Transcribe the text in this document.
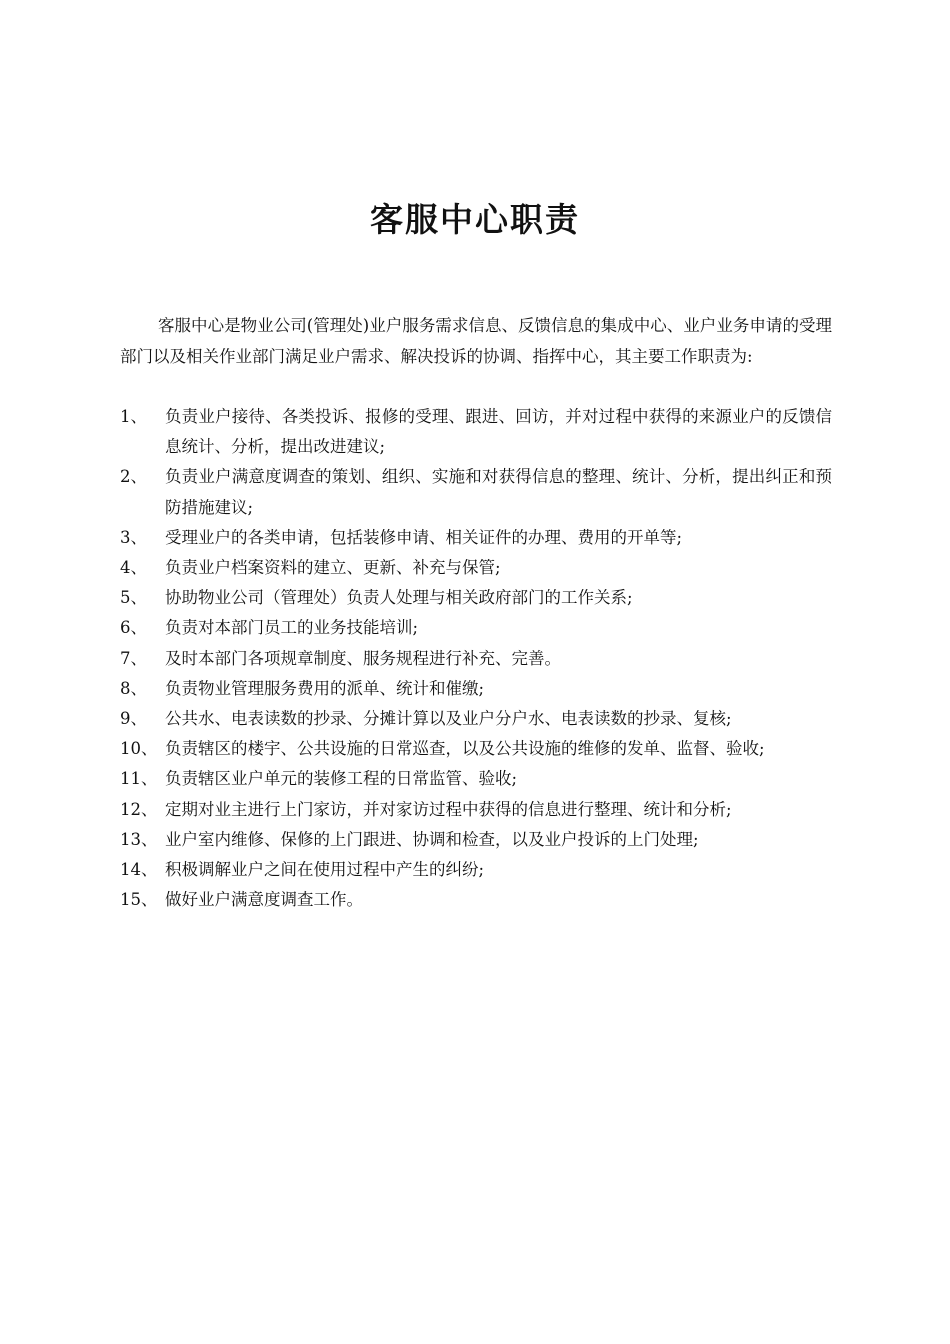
客服中心职责

客服中心是物业公司(管理处)业户服务需求信息、反馈信息的集成中心、业户业务申请的受理部门以及相关作业部门满足业户需求、解决投诉的协调、指挥中心，其主要工作职责为:

1、	负责业户接待、各类投诉、报修的受理、跟进、回访，并对过程中获得的来源业户的反馈信息统计、分析，提出改进建议;
2、	负责业户满意度调查的策划、组织、实施和对获得信息的整理、统计、分析，提出纠正和预防措施建议;
3、	受理业户的各类申请，包括装修申请、相关证件的办理、费用的开单等;
4、	负责业户档案资料的建立、更新、补充与保管;
5、	协助物业公司（管理处）负责人处理与相关政府部门的工作关系;
6、	负责对本部门员工的业务技能培训;
7、	及时本部门各项规章制度、服务规程进行补充、完善。
8、	负责物业管理服务费用的派单、统计和催缴;
9、	公共水、电表读数的抄录、分摊计算以及业户分户水、电表读数的抄录、复核;
10、 负责辖区的楼宇、公共设施的日常巡查，以及公共设施的维修的发单、监督、验收;
11、 负责辖区业户单元的装修工程的日常监管、验收;
12、 定期对业主进行上门家访，并对家访过程中获得的信息进行整理、统计和分析;
13、 业户室内维修、保修的上门跟进、协调和检查，以及业户投诉的上门处理;
14、 积极调解业户之间在使用过程中产生的纠纷;
15、 做好业户满意度调查工作。
